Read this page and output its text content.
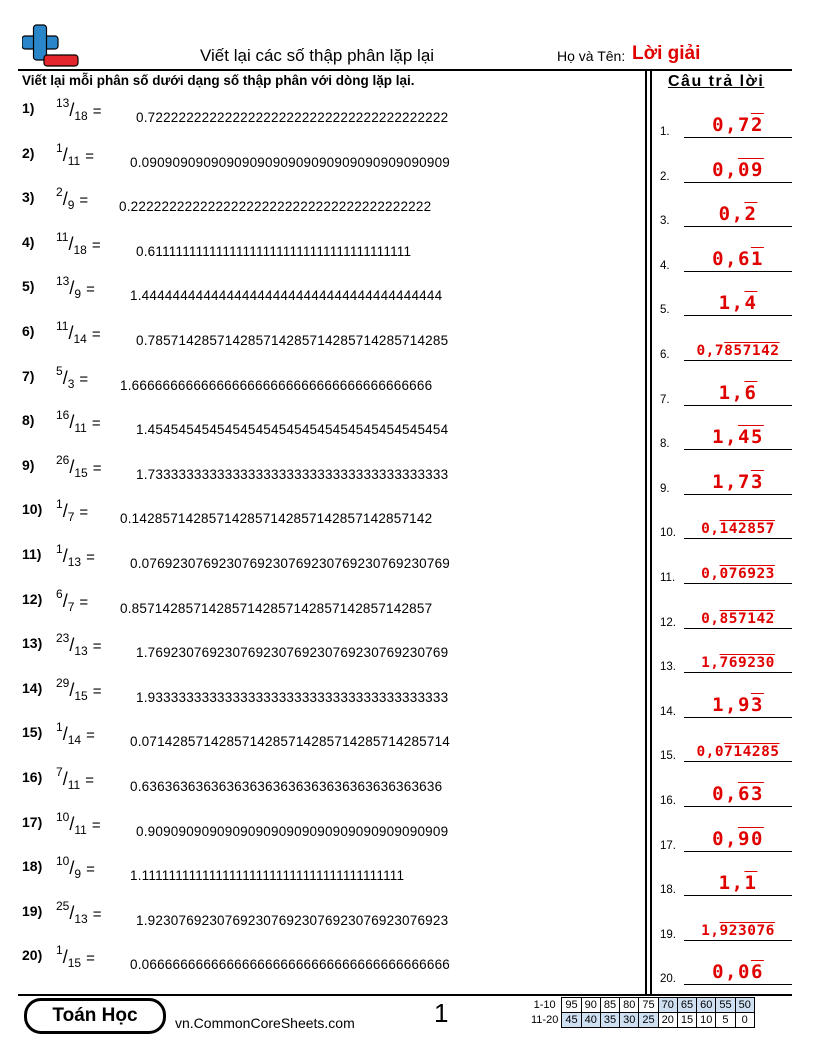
Viết lại các số thập phân lặp lại	Họ và Tên: Lời giải
Viết lại mỗi phân số dưới dạng số thập phân với dòng lặp lại.	Câu trả lời
1) $^{13}/_{18}$ =	0.722222222222222222222222222222222222222
2) $^1/_{11}$ =	0.0909090909090909090909090909090909090909
3) $^2/_9 = 0.222222222222222222222222222222222222222$
4) $^{11}/_{18}$ =	0.611111111111111111111111111111111111111
5) $^{13}/_9$ =	1.444444444444444444444444444444444444444
6) $^{11}/_{14}$ =	0.785714285714285714285714285714285714285
7) $^5/_3 = 1.666666666666666666666666666666666666666$
8) $^{16}/_{11}$ =	1.454545454545454545454545454545454545454
9) $^{26}/_{15}$ =	1.733333333333333333333333333333333333333
10) $^1/_7 = 0.142857142857142857142857142857142857142$
11) $^1/_{13}$ =	0.0769230769230769230769230769230769230769
12) $^6/_7 = 0.857142857142857142857142857142857142857$
13) $^{23}/_{13}$ =	1.769230769230769230769230769230769230769
14) $^{29}/_{15}$ =	1.933333333333333333333333333333333333333
15) $^1/_{14}$ =	0.0714285714285714285714285714285714285714
16) $^7/_{11}$ =	0.636363636363636363636363636363636363636
17) $^{10}/_{11}$ =	0.909090909090909090909090909090909090909
18) $^{10}/_9$ =	1.111111111111111111111111111111111111111
19) $^{25}/_{13}$ =	1.923076923076923076923076923076923076923
20) $^1/_{15}$ =	0.0666666666666666666666666666666666666666
1.	0,72
2.	0,09
3.	0,2
4.	0,61
5.	1,4
6.	0,7857142
7.	1,6
8.	1,45
9.	1,73
10.	0,142857
11.	0,076923
12.	0,857142
13.	1,769230
14.	1,93
15.	0,0714285
16.	0,63
17.	0,90
18.	1,1
19.	1,923076
20.	0,06
Toán Học	vn.CommonCoreSheets.com	1	1-10	95	90	85	80	75	70	65	60	55	50
11-20	45	40	35	30	25	20	15	10	5	0
